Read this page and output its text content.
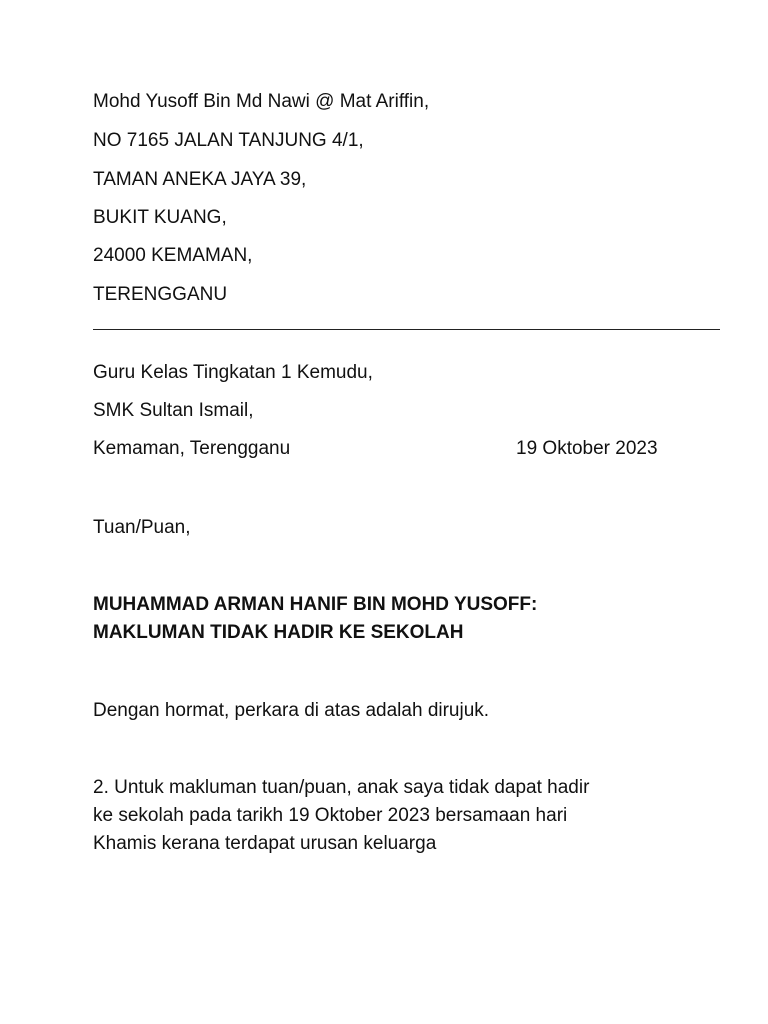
Mohd Yusoff Bin Md Nawi @ Mat Ariffin,
NO 7165 JALAN TANJUNG 4/1,
TAMAN ANEKA JAYA 39,
BUKIT KUANG,
24000 KEMAMAN,
TERENGGANU
Guru Kelas Tingkatan 1 Kemudu,
SMK Sultan Ismail,
Kemaman, Terengganu	19 Oktober 2023
Tuan/Puan,
MUHAMMAD ARMAN HANIF BIN MOHD YUSOFF:
MAKLUMAN TIDAK HADIR KE SEKOLAH
Dengan hormat, perkara di atas adalah dirujuk.
2. Untuk makluman tuan/puan, anak saya tidak dapat hadir
ke sekolah pada tarikh 19 Oktober 2023 bersamaan hari
Khamis kerana terdapat urusan keluarga
